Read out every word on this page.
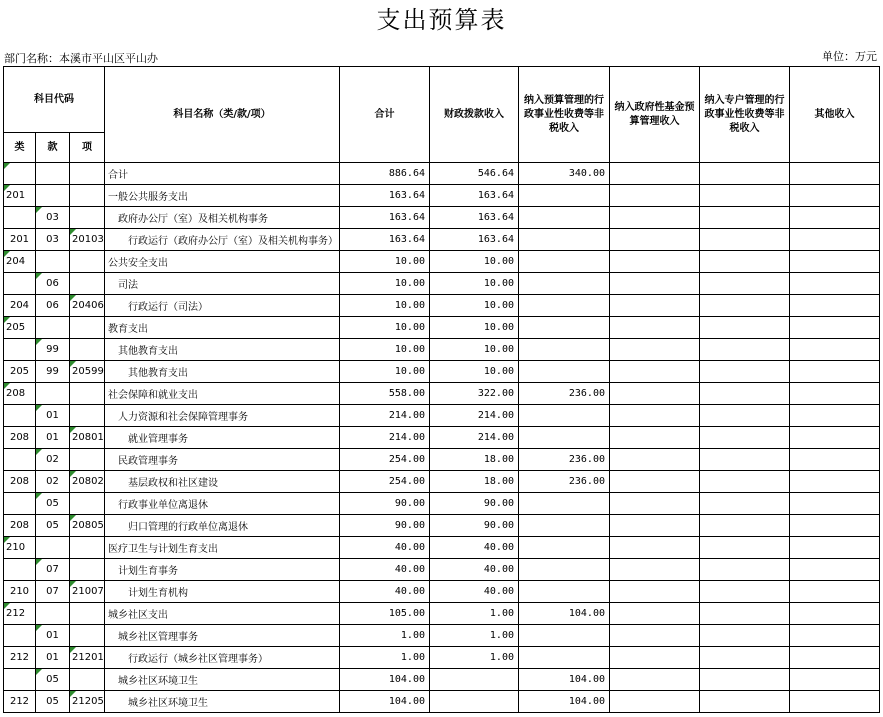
支出预算表
部门名称：本溪市平山区平山办	单位：万元
科目代码			科目名称（类/款/项）	合计	财政拨款收入	纳入预算管理的行政事业性收费等非税收入	纳入政府性基金预算管理收入	纳入专户管理的行政事业性收费等非税收入	其他收入
类	款	项							
			合计	886.64	546.64	340.00			
201			一般公共服务支出	163.64	163.64				
	03		政府办公厅（室）及相关机构事务	163.64	163.64				
201	03	20103	行政运行（政府办公厅（室）及相关机构事务）	163.64	163.64				
204			公共安全支出	10.00	10.00				
	06		司法	10.00	10.00				
204	06	20406	行政运行（司法）	10.00	10.00				
205			教育支出	10.00	10.00				
	99		其他教育支出	10.00	10.00				
205	99	20599	其他教育支出	10.00	10.00				
208			社会保障和就业支出	558.00	322.00	236.00			
	01		人力资源和社会保障管理事务	214.00	214.00				
208	01	20801	就业管理事务	214.00	214.00				
	02		民政管理事务	254.00	18.00	236.00			
208	02	20802	基层政权和社区建设	254.00	18.00	236.00			
	05		行政事业单位离退休	90.00	90.00				
208	05	20805	归口管理的行政单位离退休	90.00	90.00				
210			医疗卫生与计划生育支出	40.00	40.00				
	07		计划生育事务	40.00	40.00				
210	07	21007	计划生育机构	40.00	40.00				
212			城乡社区支出	105.00	1.00	104.00			
	01		城乡社区管理事务	1.00	1.00				
212	01	21201	行政运行（城乡社区管理事务）	1.00	1.00				
	05		城乡社区环境卫生	104.00		104.00			
212	05	21205	城乡社区环境卫生	104.00		104.00			
